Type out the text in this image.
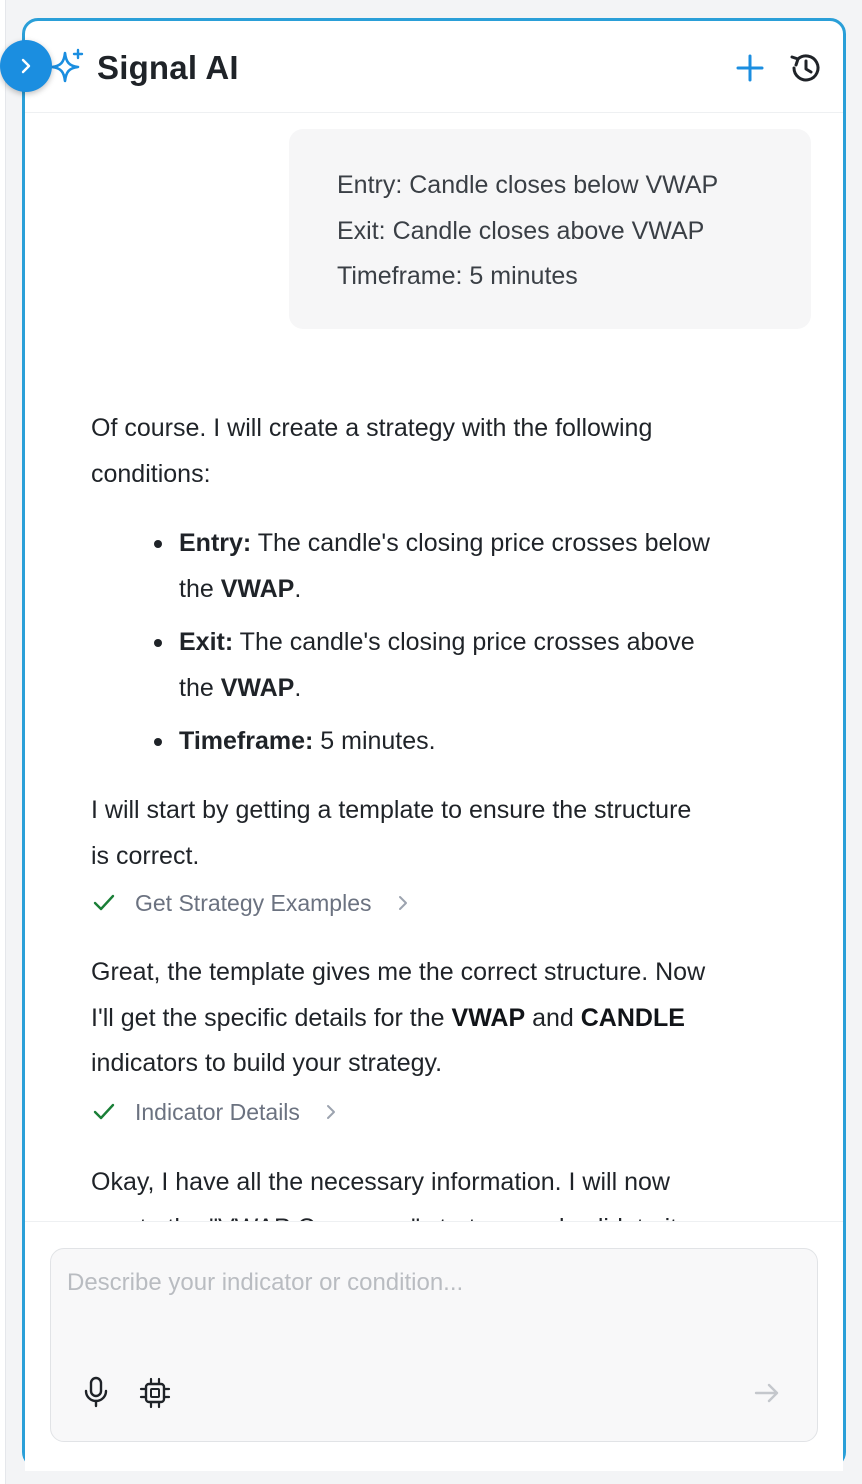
Signal AI
Entry: Candle closes below VWAP
Exit: Candle closes above VWAP
Timeframe: 5 minutes
Of course. I will create a strategy with the following
conditions:
Entry: The candle's closing price crosses below
the VWAP.
Exit: The candle's closing price crosses above
the VWAP.
Timeframe: 5 minutes.
I will start by getting a template to ensure the structure
is correct.
Get Strategy Examples
Great, the template gives me the correct structure. Now
I'll get the specific details for the VWAP and CANDLE
indicators to build your strategy.
Indicator Details
Okay, I have all the necessary information. I will now
Describe your indicator or condition...
